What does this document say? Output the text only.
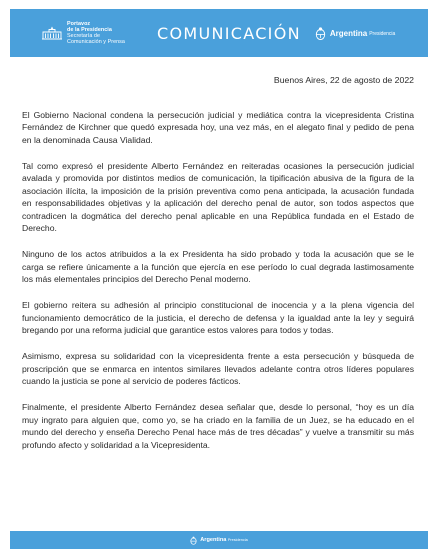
Portavoz
de la Presidencia
Secretaría de
Comunicación y Prensa COMUNICACIÓN	Argentina Presidencia
Buenos Aires, 22 de agosto de 2022

El Gobierno Nacional condena la persecución judicial y mediática contra la vicepresidenta Cristina Fernández de Kirchner que quedó expresada hoy, una vez más, en el alegato final y pedido de pena en la denominada Causa Vialidad.

Tal como expresó el presidente Alberto Fernández en reiteradas ocasiones la persecución judicial avalada y promovida por distintos medios de comunicación, la tipificación abusiva de la figura de la asociación ilícita, la imposición de la prisión preventiva como pena anticipada, la acusación fundada en responsabilidades objetivas y la aplicación del derecho penal de autor, son todos aspectos que contradicen la dogmática del derecho penal aplicable en una República fundada en el Estado de Derecho.

Ninguno de los actos atribuidos a la ex Presidenta ha sido probado y toda la acusación que se le carga se refiere únicamente a la función que ejercía en ese período lo cual degrada lastimosamente los más elementales principios del Derecho Penal moderno.

El gobierno reitera su adhesión al principio constitucional de inocencia y a la plena vigencia del funcionamiento democrático de la justicia, el derecho de defensa y la igualdad ante la ley y seguirá bregando por una reforma judicial que garantice estos valores para todos y todas.

Asimismo, expresa su solidaridad con la vicepresidenta frente a esta persecución y búsqueda de proscripción que se enmarca en intentos similares llevados adelante contra otros líderes populares cuando la justicia se pone al servicio de poderes fácticos.

Finalmente, el presidente Alberto Fernández desea señalar que, desde lo personal, “hoy es un día muy ingrato para alguien que, como yo, se ha criado en la familia de un Juez, se ha educado en el mundo del derecho y enseña Derecho Penal hace más de tres décadas” y vuelve a transmitir su más profundo afecto y solidaridad a la Vicepresidenta.

Argentina Presidencia
